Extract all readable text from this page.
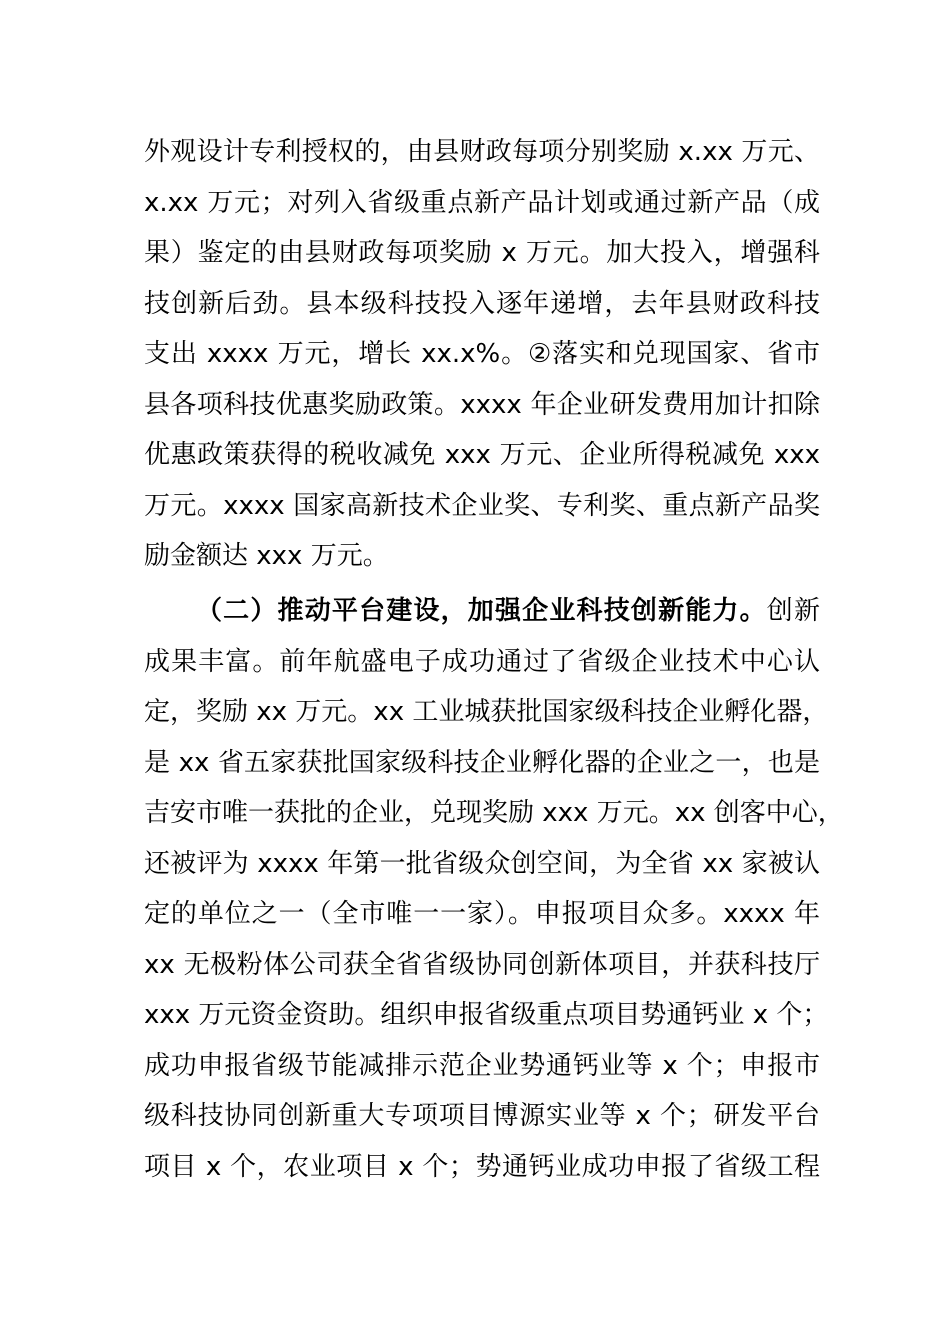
外观设计专利授权的，由县财政每项分别奖励 x.xx 万元、
x.xx 万元；对列入省级重点新产品计划或通过新产品（成
果）鉴定的由县财政每项奖励 x 万元。加大投入，增强科
技创新后劲。县本级科技投入逐年递增，去年县财政科技
支出 xxxx 万元，增长 xx.x%。②落实和兑现国家、省市
县各项科技优惠奖励政策。xxxx 年企业研发费用加计扣除
优惠政策获得的税收减免 xxx 万元、企业所得税减免 xxx
万元。xxxx 国家高新技术企业奖、专利奖、重点新产品奖
励金额达 xxx 万元。
（二）推动平台建设，加强企业科技创新能力。创新
成果丰富。前年航盛电子成功通过了省级企业技术中心认
定，奖励 xx 万元。xx 工业城获批国家级科技企业孵化器，
是 xx 省五家获批国家级科技企业孵化器的企业之一，也是
吉安市唯一获批的企业，兑现奖励 xxx 万元。xx 创客中心，
还被评为 xxxx 年第一批省级众创空间，为全省 xx 家被认
定的单位之一（全市唯一一家）。申报项目众多。xxxx 年
xx 无极粉体公司获全省省级协同创新体项目，并获科技厅
xxx 万元资金资助。组织申报省级重点项目势通钙业 x 个；
成功申报省级节能减排示范企业势通钙业等 x 个；申报市
级科技协同创新重大专项项目博源实业等 x 个；研发平台
项目 x 个，农业项目 x 个；势通钙业成功申报了省级工程
